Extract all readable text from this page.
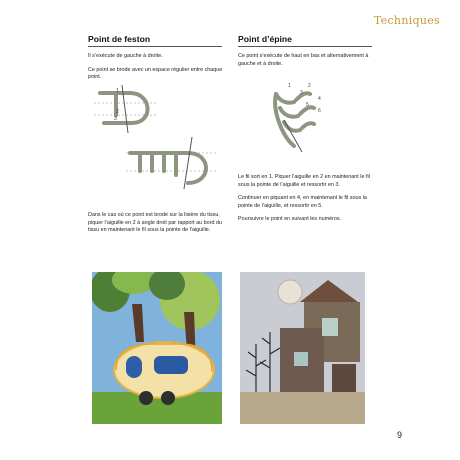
Techniques

Point de feston

Il s’exécute de gauche à droite.

Ce point se brode avec un espace régulier entre chaque point.

1
2
3

Dans le cas où ce point est brodé sur la lisière du tissu, piquer l’aiguille en 2 à angle droit par rapport au bord du tissu en maintenant le fil sous la pointe de l’aiguille.

Point d’épine

Ce point s’exécute de haut en bas et alternativement à gauche et à droite.

1	2
3
4
5
6

Le fil sort en 1. Piquer l’aiguille en 2 en maintenant le fil sous la pointe de l’aiguille et ressortir en 3.

Continuer en piquant en 4, en maintenant le fil sous la pointe de l’aiguille, et ressortir en 5.

Poursuivre le point en suivant les numéros.

9
